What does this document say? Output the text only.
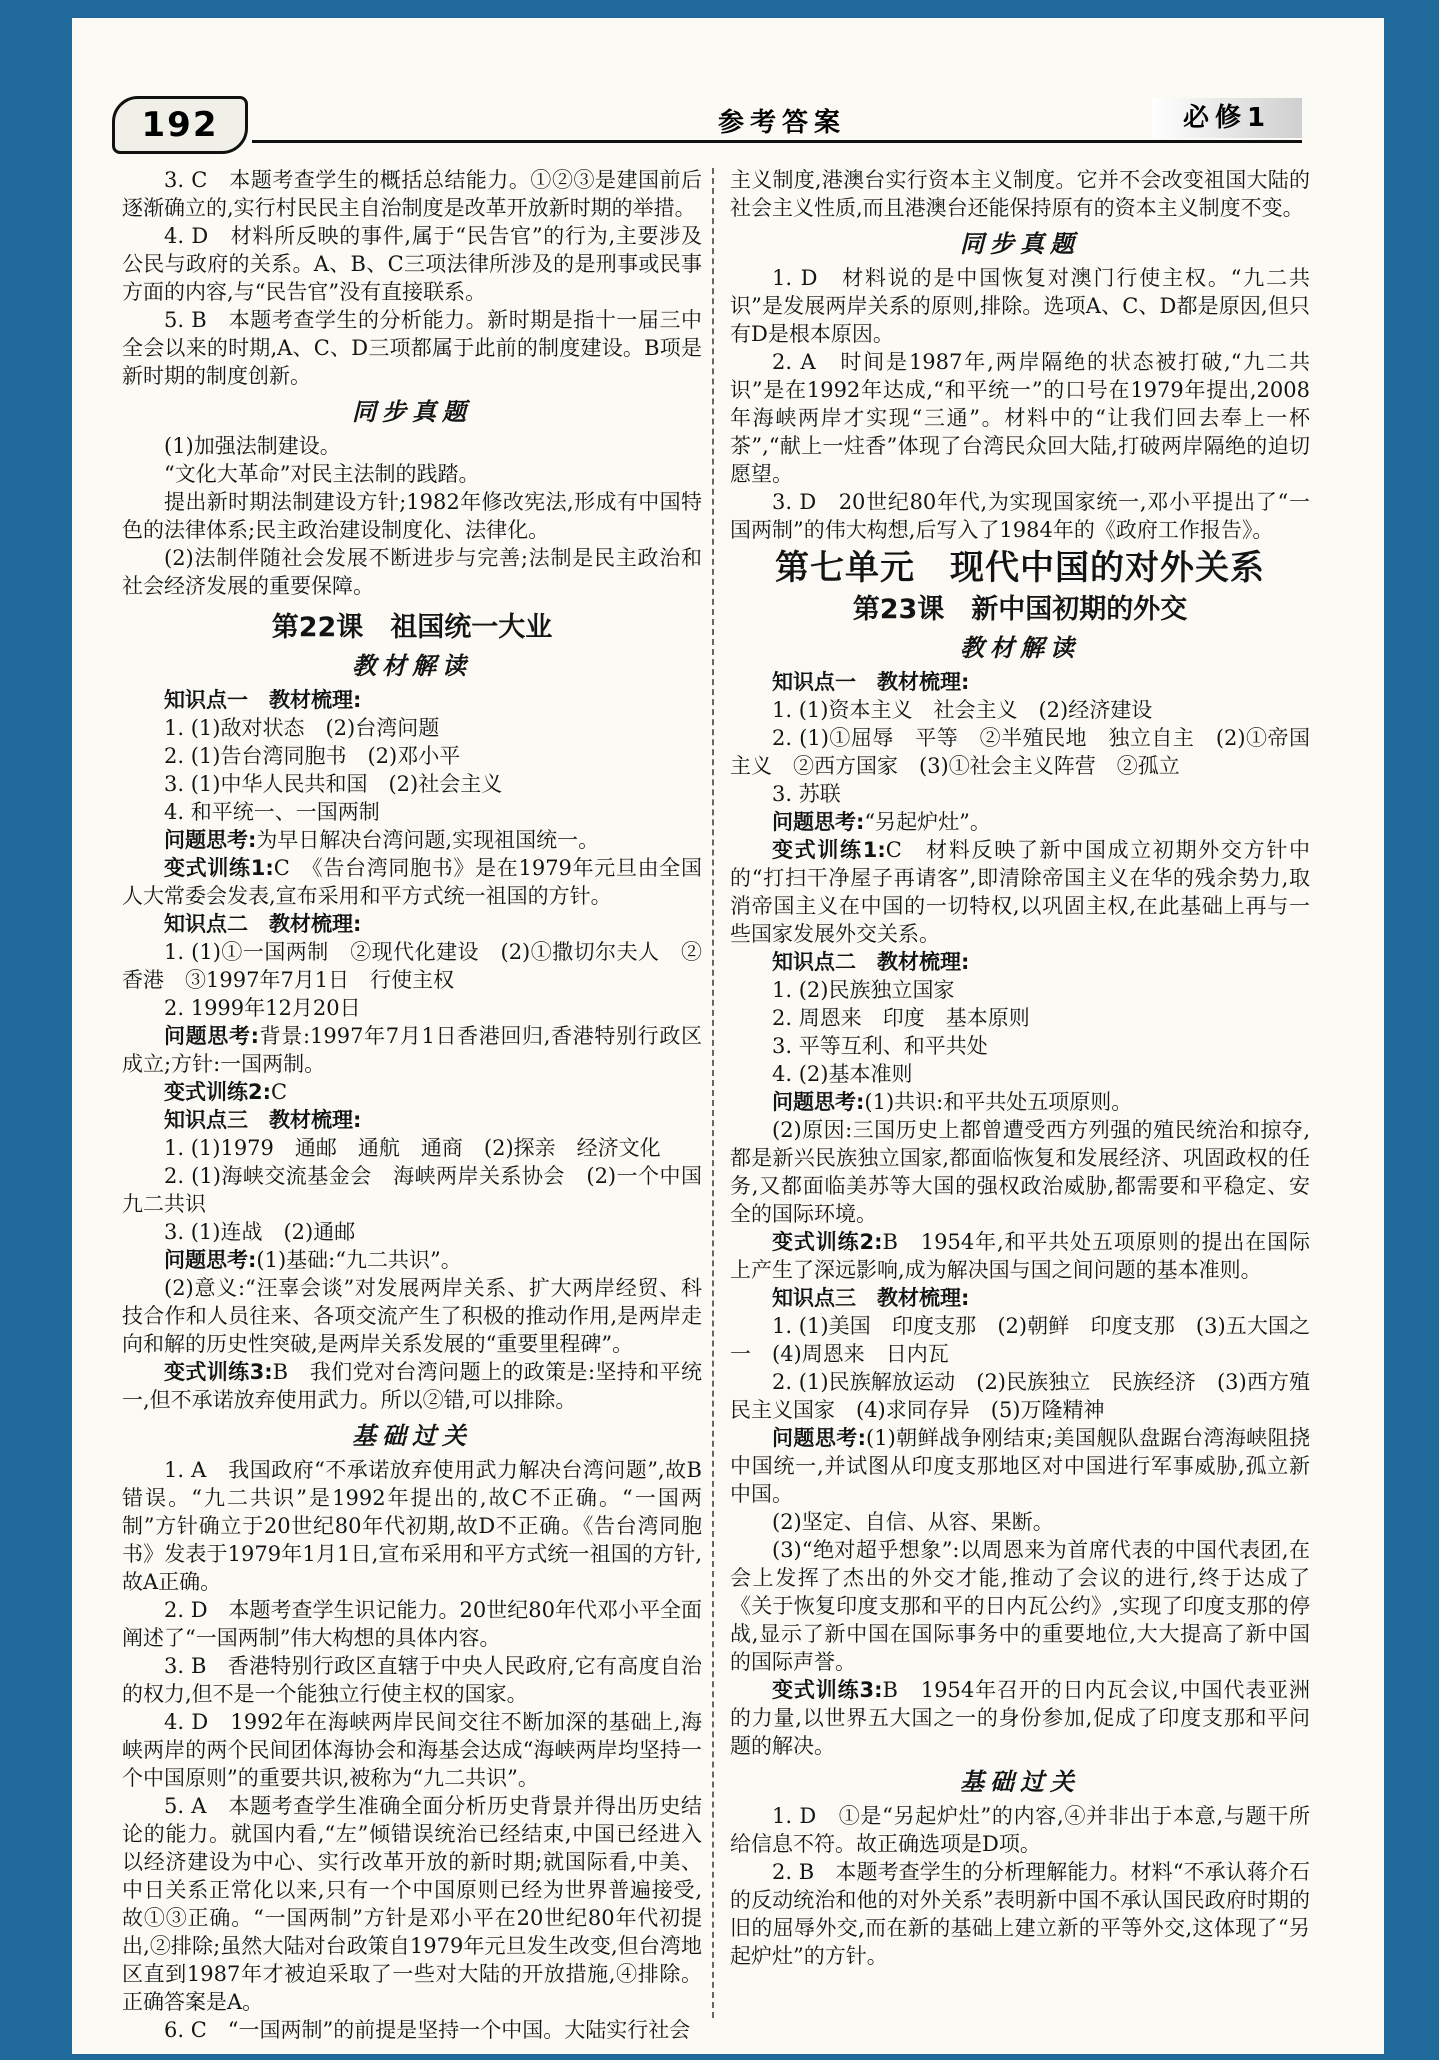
192	参考答案	必修1

3. C　本题考查学生的概括总结能力。①②③是建国前后逐渐确立的,实行村民民主自治制度是改革开放新时期的举措。

4. D　材料所反映的事件,属于“民告官”的行为,主要涉及公民与政府的关系。A、B、C三项法律所涉及的是刑事或民事方面的内容,与“民告官”没有直接联系。

5. B　本题考查学生的分析能力。新时期是指十一届三中全会以来的时期,A、C、D三项都属于此前的制度建设。B项是新时期的制度创新。

同步真题

(1)加强法制建设。

“文化大革命”对民主法制的践踏。

提出新时期法制建设方针;1982年修改宪法,形成有中国特色的法律体系;民主政治建设制度化、法律化。

(2)法制伴随社会发展不断进步与完善;法制是民主政治和社会经济发展的重要保障。

第22课　祖国统一大业
教材解读

知识点一　教材梳理:

1. (1)敌对状态　(2)台湾问题

2. (1)告台湾同胞书　(2)邓小平

3. (1)中华人民共和国　(2)社会主义

4. 和平统一、一国两制

问题思考:为早日解决台湾问题,实现祖国统一。

变式训练1:C　《告台湾同胞书》是在1979年元旦由全国人大常委会发表,宣布采用和平方式统一祖国的方针。

知识点二　教材梳理:

1. (1)①一国两制　②现代化建设　(2)①撒切尔夫人　②香港　③1997年7月1日　行使主权

2. 1999年12月20日

问题思考:背景:1997年7月1日香港回归,香港特别行政区成立;方针:一国两制。

变式训练2:C

知识点三　教材梳理:

1. (1)1979　通邮　通航　通商　(2)探亲　经济文化

2. (1)海峡交流基金会　海峡两岸关系协会　(2)一个中国　九二共识

3. (1)连战　(2)通邮

问题思考:(1)基础:“九二共识”。

(2)意义:“汪辜会谈”对发展两岸关系、扩大两岸经贸、科技合作和人员往来、各项交流产生了积极的推动作用,是两岸走向和解的历史性突破,是两岸关系发展的“重要里程碑”。

变式训练3:B　我们党对台湾问题上的政策是:坚持和平统一,但不承诺放弃使用武力。所以②错,可以排除。

基础过关

1. A　我国政府“不承诺放弃使用武力解决台湾问题”,故B错误。“九二共识”是1992年提出的,故C不正确。“一国两制”方针确立于20世纪80年代初期,故D不正确。《告台湾同胞书》发表于1979年1月1日,宣布采用和平方式统一祖国的方针,故A正确。

2. D　本题考查学生识记能力。20世纪80年代邓小平全面阐述了“一国两制”伟大构想的具体内容。

3. B　香港特别行政区直辖于中央人民政府,它有高度自治的权力,但不是一个能独立行使主权的国家。

4. D　1992年在海峡两岸民间交往不断加深的基础上,海峡两岸的两个民间团体海协会和海基会达成“海峡两岸均坚持一个中国原则”的重要共识,被称为“九二共识”。

5. A　本题考查学生准确全面分析历史背景并得出历史结论的能力。就国内看,“左”倾错误统治已经结束,中国已经进入以经济建设为中心、实行改革开放的新时期;就国际看,中美、中日关系正常化以来,只有一个中国原则已经为世界普遍接受,故①③正确。“一国两制”方针是邓小平在20世纪80年代初提出,②排除;虽然大陆对台政策自1979年元旦发生改变,但台湾地区直到1987年才被迫采取了一些对大陆的开放措施,④排除。正确答案是A。

6. C　“一国两制”的前提是坚持一个中国。大陆实行社会

主义制度,港澳台实行资本主义制度。它并不会改变祖国大陆的社会主义性质,而且港澳台还能保持原有的资本主义制度不变。

同步真题

1. D　材料说的是中国恢复对澳门行使主权。“九二共识”是发展两岸关系的原则,排除。选项A、C、D都是原因,但只有D是根本原因。

2. A　时间是1987年,两岸隔绝的状态被打破,“九二共识”是在1992年达成,“和平统一”的口号在1979年提出,2008年海峡两岸才实现“三通”。材料中的“让我们回去奉上一杯茶”,“献上一炷香”体现了台湾民众回大陆,打破两岸隔绝的迫切愿望。

3. D　20世纪80年代,为实现国家统一,邓小平提出了“一国两制”的伟大构想,后写入了1984年的《政府工作报告》。

第七单元　现代中国的对外关系
第23课　新中国初期的外交
教材解读

知识点一　教材梳理:

1. (1)资本主义　社会主义　(2)经济建设

2. (1)①屈辱　平等　②半殖民地　独立自主　(2)①帝国主义　②西方国家　(3)①社会主义阵营　②孤立

3. 苏联

问题思考:“另起炉灶”。

变式训练1:C　材料反映了新中国成立初期外交方针中的“打扫干净屋子再请客”,即清除帝国主义在华的残余势力,取消帝国主义在中国的一切特权,以巩固主权,在此基础上再与一些国家发展外交关系。

知识点二　教材梳理:

1. (2)民族独立国家

2. 周恩来　印度　基本原则

3. 平等互利、和平共处

4. (2)基本准则

问题思考:(1)共识:和平共处五项原则。

(2)原因:三国历史上都曾遭受西方列强的殖民统治和掠夺,都是新兴民族独立国家,都面临恢复和发展经济、巩固政权的任务,又都面临美苏等大国的强权政治威胁,都需要和平稳定、安全的国际环境。

变式训练2:B　1954年,和平共处五项原则的提出在国际上产生了深远影响,成为解决国与国之间问题的基本准则。

知识点三　教材梳理:

1. (1)美国　印度支那　(2)朝鲜　印度支那　(3)五大国之一　(4)周恩来　日内瓦

2. (1)民族解放运动　(2)民族独立　民族经济　(3)西方殖民主义国家　(4)求同存异　(5)万隆精神

问题思考:(1)朝鲜战争刚结束;美国舰队盘踞台湾海峡阻挠中国统一,并试图从印度支那地区对中国进行军事威胁,孤立新中国。

(2)坚定、自信、从容、果断。

(3)“绝对超乎想象”:以周恩来为首席代表的中国代表团,在会上发挥了杰出的外交才能,推动了会议的进行,终于达成了《关于恢复印度支那和平的日内瓦公约》,实现了印度支那的停战,显示了新中国在国际事务中的重要地位,大大提高了新中国的国际声誉。

变式训练3:B　1954年召开的日内瓦会议,中国代表亚洲的力量,以世界五大国之一的身份参加,促成了印度支那和平问题的解决。

基础过关

1. D　①是“另起炉灶”的内容,④并非出于本意,与题干所给信息不符。故正确选项是D项。

2. B　本题考查学生的分析理解能力。材料“不承认蒋介石的反动统治和他的对外关系”表明新中国不承认国民政府时期的旧的屈辱外交,而在新的基础上建立新的平等外交,这体现了“另起炉灶”的方针。
